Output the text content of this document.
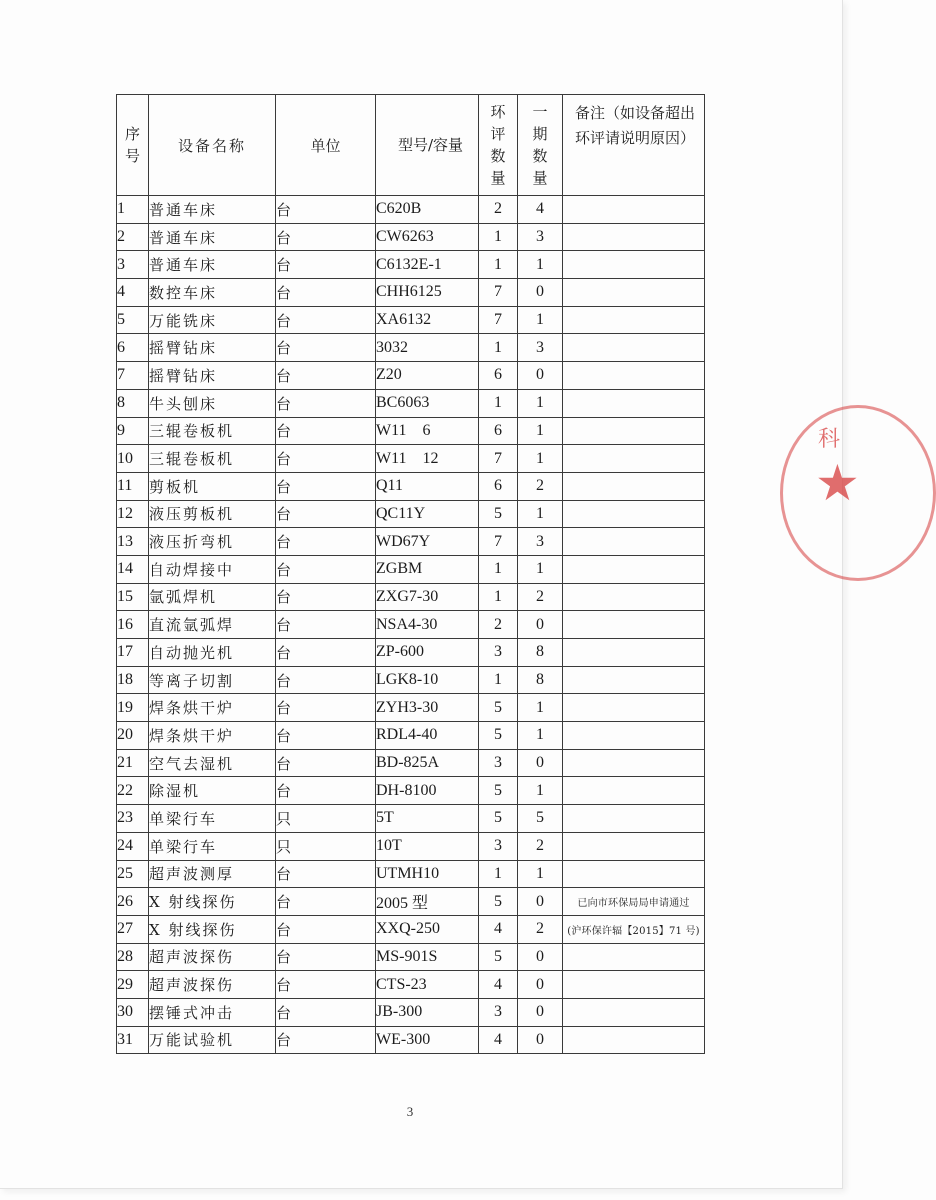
序
号	设备名称	单位	型号/容量	环
评
数
量	一
期
数
量	备注（如设备超出环评请说明原因）

1	普通车床	台	C620B	2	4	
2	普通车床	台	CW6263	1	3	
3	普通车床	台	C6132E-1	1	1	
4	数控车床	台	CHH6125	7	0	
5	万能铣床	台	XA6132	7	1	
6	摇臂钻床	台	3032	1	3	
7	摇臂钻床	台	Z20	6	0	
8	牛头刨床	台	BC6063	1	1	
9	三辊卷板机	台	W11    6	6	1	
10	三辊卷板机	台	W11    12	7	1	
11	剪板机	台	Q11	6	2	
12	液压剪板机	台	QC11Y	5	1	
13	液压折弯机	台	WD67Y	7	3	
14	自动焊接中	台	ZGBM	1	1	
15	氩弧焊机	台	ZXG7-30	1	2	
16	直流氩弧焊	台	NSA4-30	2	0	
17	自动抛光机	台	ZP-600	3	8	
18	等离子切割	台	LGK8-10	1	8	
19	焊条烘干炉	台	ZYH3-30	5	1	
20	焊条烘干炉	台	RDL4-40	5	1	
21	空气去湿机	台	BD-825A	3	0	
22	除湿机	台	DH-8100	5	1	
23	单梁行车	只	5T	5	5	
24	单梁行车	只	10T	3	2	
25	超声波测厚	台	UTMH10	1	1	
26	X 射线探伤	台	2005 型	5	0	已向市环保局局申请通过
27	X 射线探伤	台	XXQ-250	4	2	(沪环保许辐【2015】71 号)
28	超声波探伤	台	MS-901S	5	0	
29	超声波探伤	台	CTS-23	4	0	
30	摆锤式冲击	台	JB-300	3	0	
31	万能试验机	台	WE-300	4	0	
科
★
3
